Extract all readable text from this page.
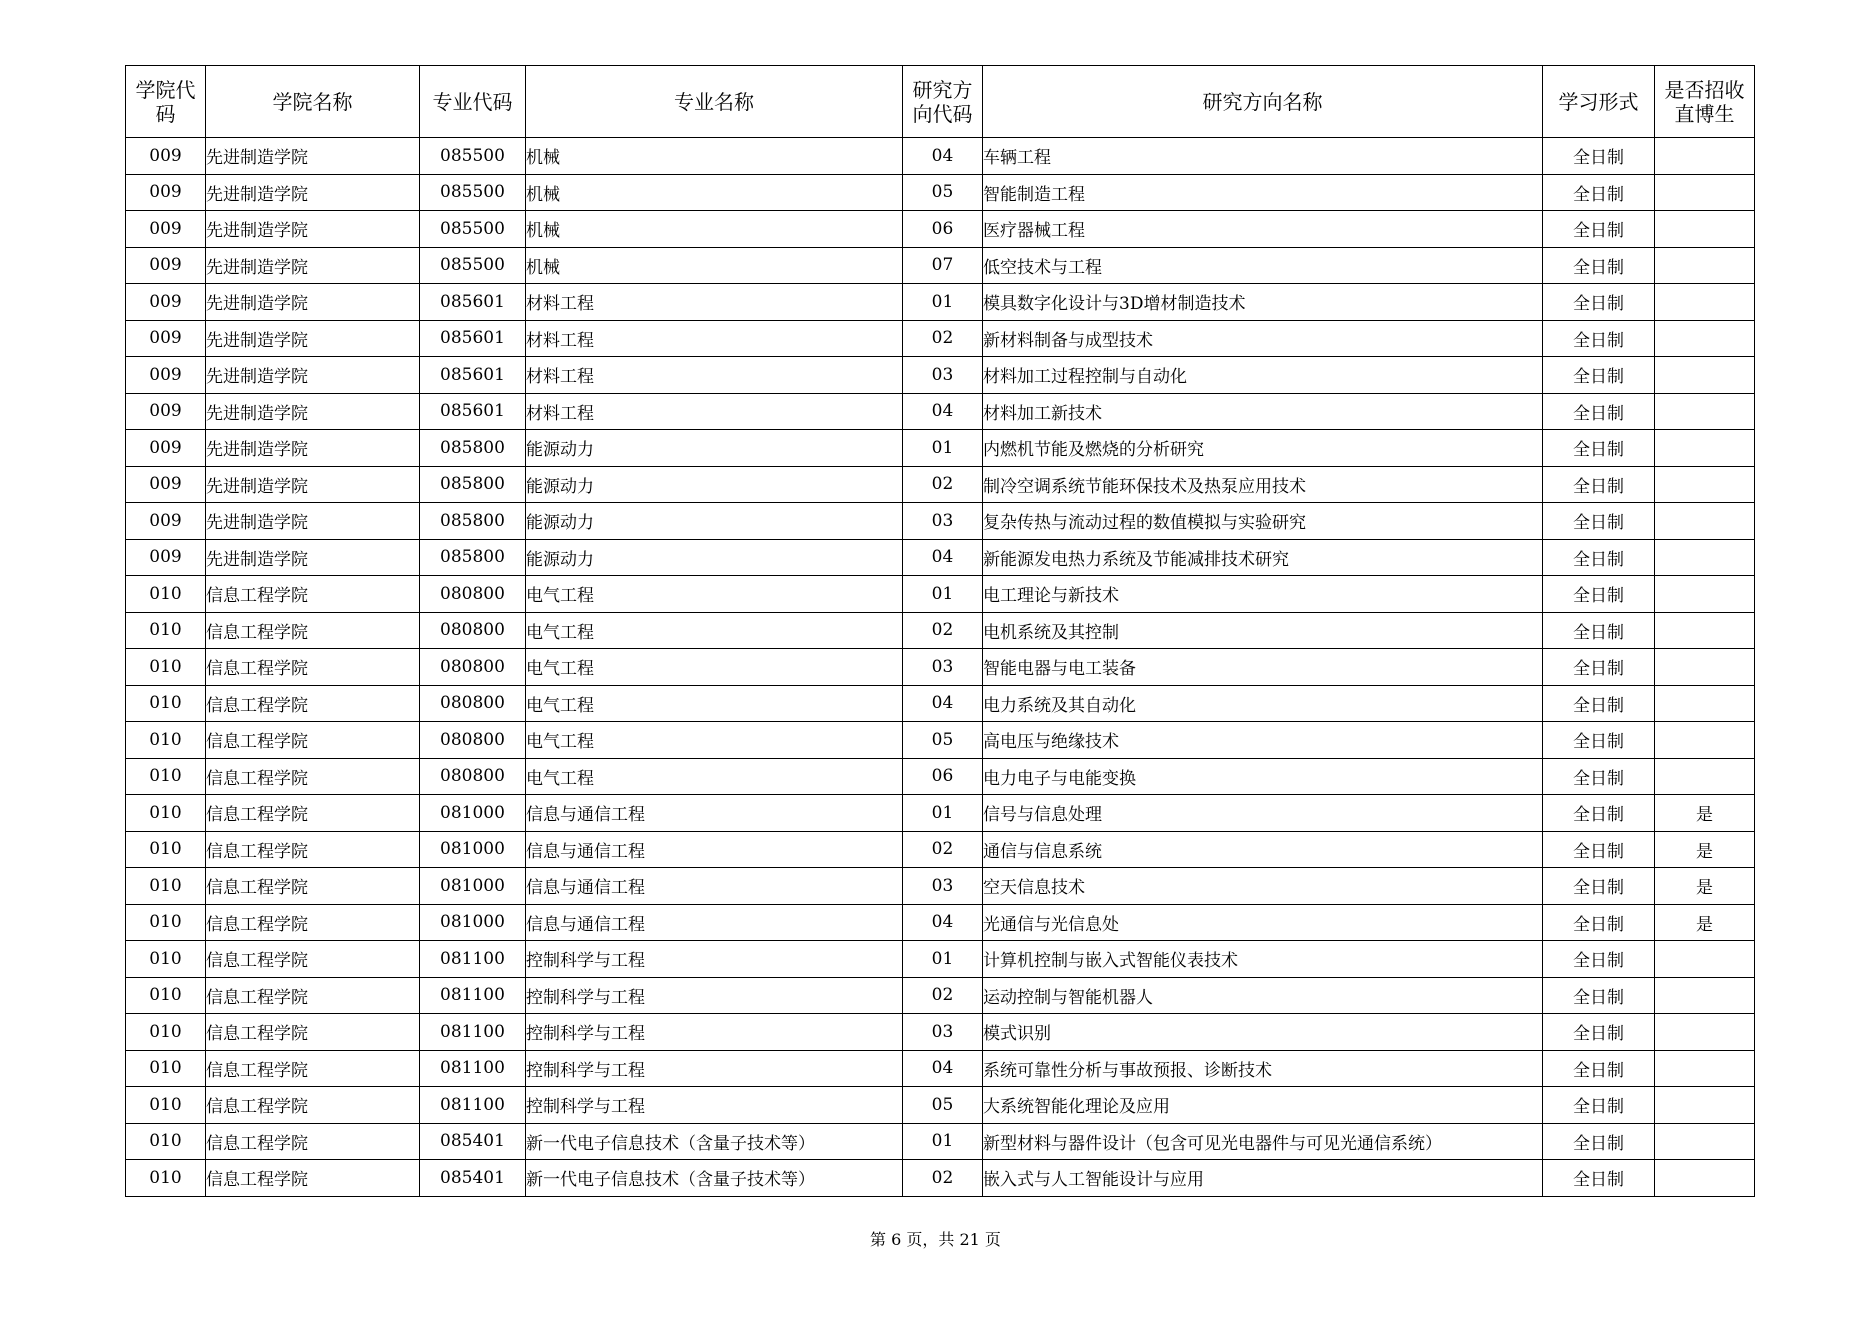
学院代码	学院名称	专业代码	专业名称	研究方向代码	研究方向名称	学习形式	是否招收直博生
009	先进制造学院	085500	机械	04	车辆工程	全日制	
009	先进制造学院	085500	机械	05	智能制造工程	全日制	
009	先进制造学院	085500	机械	06	医疗器械工程	全日制	
009	先进制造学院	085500	机械	07	低空技术与工程	全日制	
009	先进制造学院	085601	材料工程	01	模具数字化设计与3D增材制造技术	全日制	
009	先进制造学院	085601	材料工程	02	新材料制备与成型技术	全日制	
009	先进制造学院	085601	材料工程	03	材料加工过程控制与自动化	全日制	
009	先进制造学院	085601	材料工程	04	材料加工新技术	全日制	
009	先进制造学院	085800	能源动力	01	内燃机节能及燃烧的分析研究	全日制	
009	先进制造学院	085800	能源动力	02	制冷空调系统节能环保技术及热泵应用技术	全日制	
009	先进制造学院	085800	能源动力	03	复杂传热与流动过程的数值模拟与实验研究	全日制	
009	先进制造学院	085800	能源动力	04	新能源发电热力系统及节能减排技术研究	全日制	
010	信息工程学院	080800	电气工程	01	电工理论与新技术	全日制	
010	信息工程学院	080800	电气工程	02	电机系统及其控制	全日制	
010	信息工程学院	080800	电气工程	03	智能电器与电工装备	全日制	
010	信息工程学院	080800	电气工程	04	电力系统及其自动化	全日制	
010	信息工程学院	080800	电气工程	05	高电压与绝缘技术	全日制	
010	信息工程学院	080800	电气工程	06	电力电子与电能变换	全日制	
010	信息工程学院	081000	信息与通信工程	01	信号与信息处理	全日制	是
010	信息工程学院	081000	信息与通信工程	02	通信与信息系统	全日制	是
010	信息工程学院	081000	信息与通信工程	03	空天信息技术	全日制	是
010	信息工程学院	081000	信息与通信工程	04	光通信与光信息处	全日制	是
010	信息工程学院	081100	控制科学与工程	01	计算机控制与嵌入式智能仪表技术	全日制	
010	信息工程学院	081100	控制科学与工程	02	运动控制与智能机器人	全日制	
010	信息工程学院	081100	控制科学与工程	03	模式识别	全日制	
010	信息工程学院	081100	控制科学与工程	04	系统可靠性分析与事故预报、诊断技术	全日制	
010	信息工程学院	081100	控制科学与工程	05	大系统智能化理论及应用	全日制	
010	信息工程学院	085401	新一代电子信息技术（含量子技术等）	01	新型材料与器件设计（包含可见光电器件与可见光通信系统）	全日制	
010	信息工程学院	085401	新一代电子信息技术（含量子技术等）	02	嵌入式与人工智能设计与应用	全日制	
第 6 页，共 21 页
